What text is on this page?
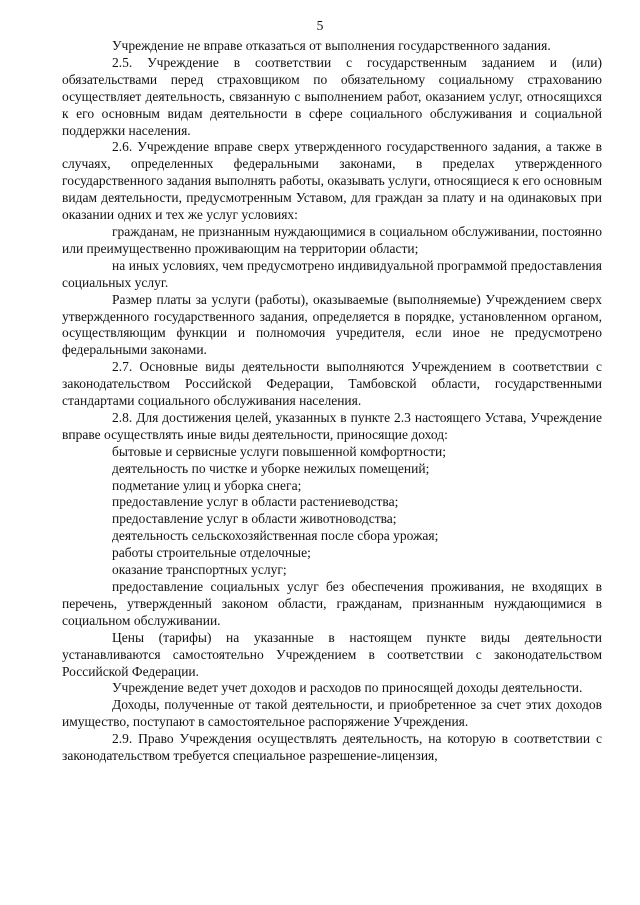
5

Учреждение не вправе отказаться от выполнения государственного задания.

2.5. Учреждение в соответствии с государственным заданием и (или) обязательствами перед страховщиком по обязательному социальному страхованию осуществляет деятельность, связанную с выполнением работ, оказанием услуг, относящихся к его основным видам деятельности в сфере социального обслуживания и социальной поддержки населения.

2.6. Учреждение вправе сверх утвержденного государственного задания, а также в случаях, определенных федеральными законами, в пределах утвержденного государственного задания выполнять работы, оказывать услуги, относящиеся к его основным видам деятельности, предусмотренным Уставом, для граждан за плату и на одинаковых при оказании одних и тех же услуг условиях:

гражданам, не признанным нуждающимися в социальном обслуживании, постоянно или преимущественно проживающим на территории области;

на иных условиях, чем предусмотрено индивидуальной программой предоставления социальных услуг.

Размер платы за услуги (работы), оказываемые (выполняемые) Учреждением сверх утвержденного государственного задания, определяется в порядке, установленном органом, осуществляющим функции и полномочия учредителя, если иное не предусмотрено федеральными законами.

2.7. Основные виды деятельности выполняются Учреждением в соответствии с законодательством Российской Федерации, Тамбовской области, государственными стандартами социального обслуживания населения.

2.8. Для достижения целей, указанных в пункте 2.3 настоящего Устава, Учреждение вправе осуществлять иные виды деятельности, приносящие доход:

бытовые и сервисные услуги повышенной комфортности;

деятельность по чистке и уборке нежилых помещений;

подметание улиц и уборка снега;

предоставление услуг в области растениеводства;

предоставление услуг в области животноводства;

деятельность сельскохозяйственная после сбора урожая;

работы строительные отделочные;

оказание транспортных услуг;

предоставление социальных услуг без обеспечения проживания, не входящих в перечень, утвержденный законом области, гражданам, признанным нуждающимися в социальном обслуживании.

Цены (тарифы) на указанные в настоящем пункте виды деятельности устанавливаются самостоятельно Учреждением в соответствии с законодательством Российской Федерации.

Учреждение ведет учет доходов и расходов по приносящей доходы деятельности.

Доходы, полученные от такой деятельности, и приобретенное за счет этих доходов имущество, поступают в самостоятельное распоряжение Учреждения.

2.9. Право Учреждения осуществлять деятельность, на которую в соответствии с законодательством требуется специальное разрешение-лицензия,
